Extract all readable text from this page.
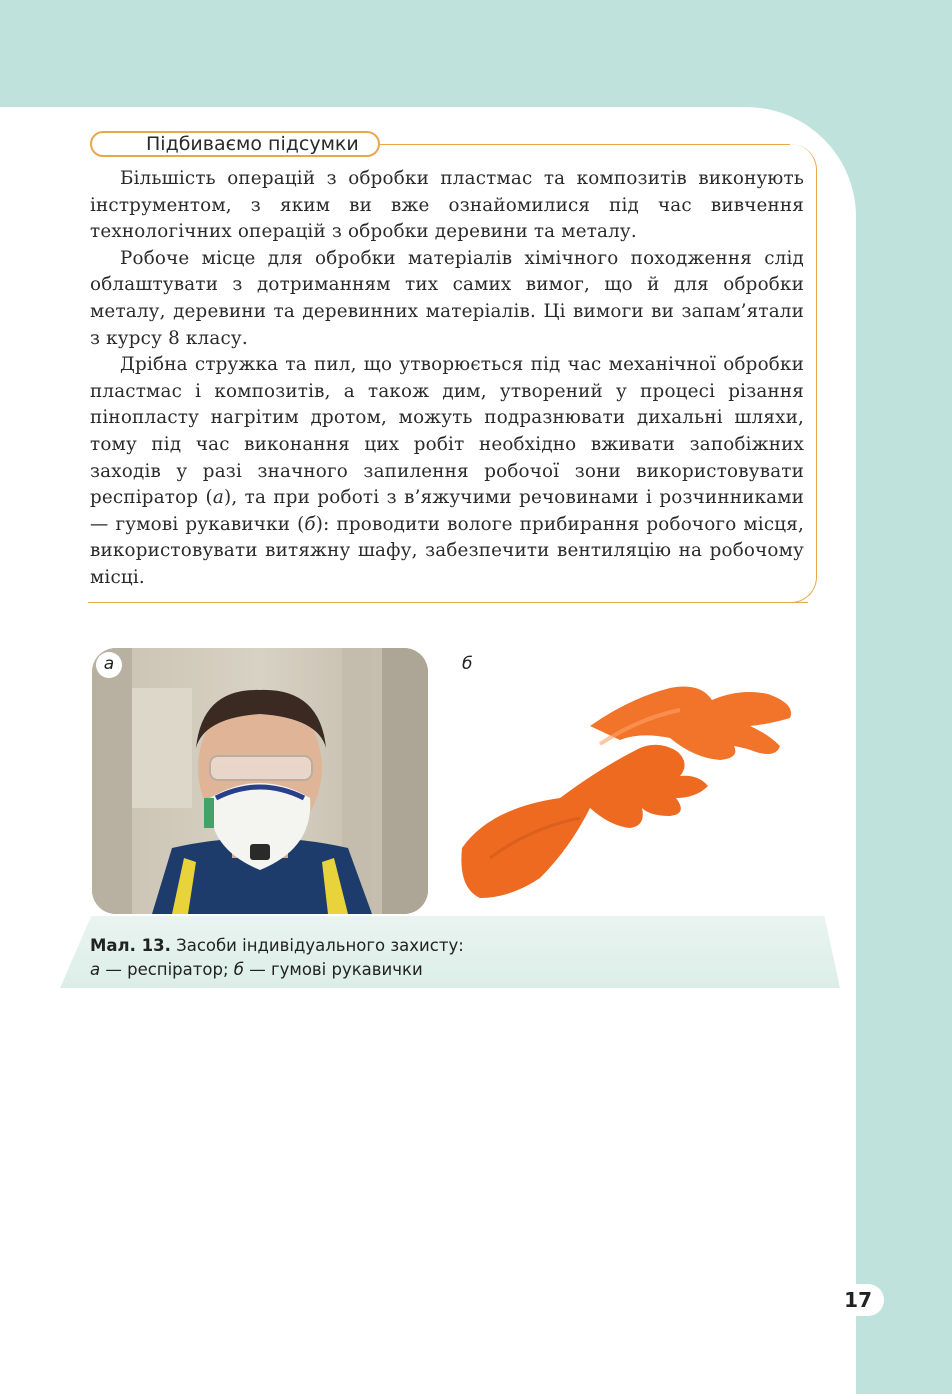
Підбиваємо підсумки

Більшість операцій з обробки пластмас та композитів виконують інструментом, з яким ви вже ознайомилися під час вивчення технологічних операцій з обробки деревини та металу.

Робоче місце для обробки матеріалів хімічного походження слід облаштувати з дотриманням тих самих вимог, що й для обробки металу, деревини та деревинних матеріалів. Ці вимоги ви запам’ятали з курсу 8 класу.

Дрібна стружка та пил, що утворюється під час механічної обробки пластмас і композитів, а також дим, утворений у процесі різання пінопласту нагрітим дротом, можуть подразнювати дихальні шляхи, тому під час виконання цих робіт необхідно вживати запобіжних заходів у разі значного запилення робочої зони використовувати респіратор (а), та при роботі з в’яжучими речовинами і розчинниками — гумові рукавички (б): проводити вологе прибирання робочого місця, використовувати витяжну шафу, забезпечити вентиляцію на робочому місці.

а	б
Мал. 13. Засоби індивідуального захисту:
а — респіратор; б — гумові рукавички
17
